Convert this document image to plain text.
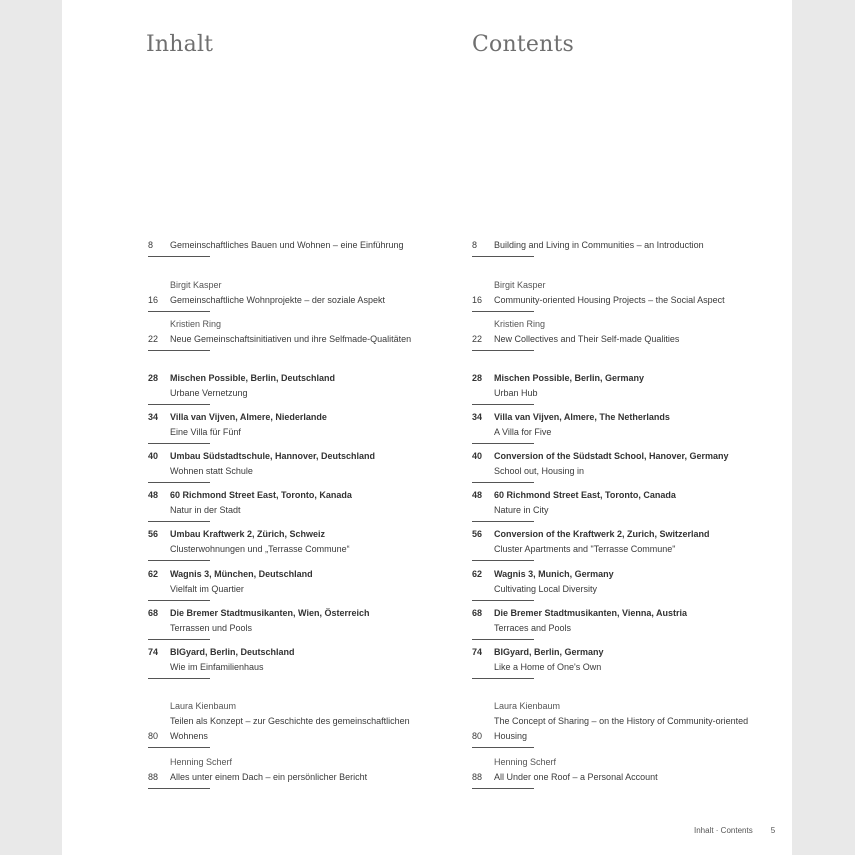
Inhalt	Contents
8	Gemeinschaftliches Bauen und Wohnen – eine Einführung
Birgit Kasper
16	Gemeinschaftliche Wohnprojekte – der soziale Aspekt
Kristien Ring
22	Neue Gemeinschaftsinitiativen und ihre Selfmade-Qualitäten
28	Mischen Possible, Berlin, Deutschland
Urbane Vernetzung
34	Villa van Vijven, Almere, Niederlande
Eine Villa für Fünf
40	Umbau Südstadtschule, Hannover, Deutschland
Wohnen statt Schule
48	60 Richmond Street East, Toronto, Kanada
Natur in der Stadt
56	Umbau Kraftwerk 2, Zürich, Schweiz
Clusterwohnungen und „Terrasse Commune“
62	Wagnis 3, München, Deutschland
Vielfalt im Quartier
68	Die Bremer Stadtmusikanten, Wien, Österreich
Terrassen und Pools
74	BIGyard, Berlin, Deutschland
Wie im Einfamilienhaus
Laura Kienbaum
Teilen als Konzept – zur Geschichte des gemeinschaftlichen
80	Wohnens
Henning Scherf
88	Alles unter einem Dach – ein persönlicher Bericht
8	Building and Living in Communities – an Introduction
Birgit Kasper
16	Community-oriented Housing Projects – the Social Aspect
Kristien Ring
22	New Collectives and Their Self-made Qualities
28	Mischen Possible, Berlin, Germany
Urban Hub
34	Villa van Vijven, Almere, The Netherlands
A Villa for Five
40	Conversion of the Südstadt School, Hanover, Germany
School out, Housing in
48	60 Richmond Street East, Toronto, Canada
Nature in City
56	Conversion of the Kraftwerk 2, Zurich, Switzerland
Cluster Apartments and "Terrasse Commune"
62	Wagnis 3, Munich, Germany
Cultivating Local Diversity
68	Die Bremer Stadtmusikanten, Vienna, Austria
Terraces and Pools
74	BIGyard, Berlin, Germany
Like a Home of One's Own
Laura Kienbaum
The Concept of Sharing – on the History of Community-oriented
80	Housing
Henning Scherf
88	All Under one Roof – a Personal Account
Inhalt · Contents 5
